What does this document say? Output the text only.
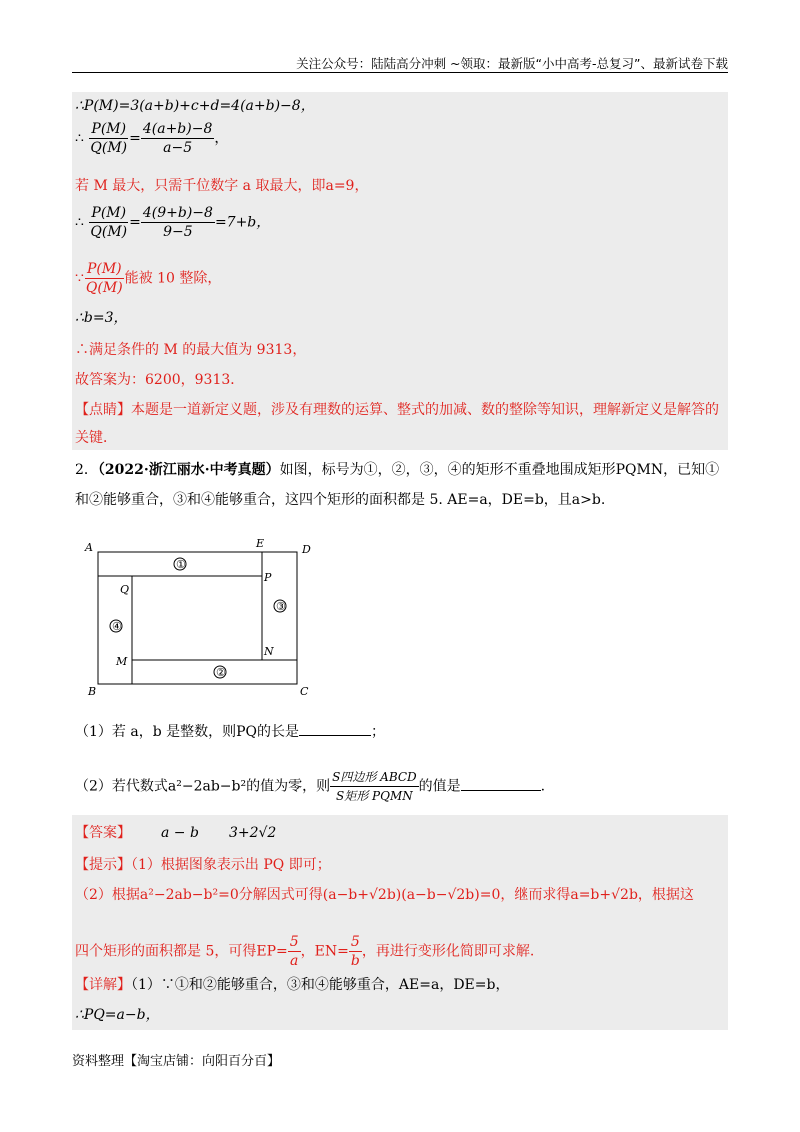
关注公众号：陆陆高分冲刺 ~领取：最新版“小中高考-总复习”、最新试卷下载
∴P(M)=3(a+b)+c+d=4(a+b)−8，
∴ $\frac{P(M)}{Q(M)} = \frac{4(a+b)-8}{a-5}$ ，
若 M 最大，只需千位数字 a 取最大，即a=9，
∴ $\frac{P(M)}{Q(M)} = \frac{4(9+b)-8}{9-5} =7+b$，
∵ $\frac{P(M)}{Q(M)}$ 能被 10 整除，
∴b=3，
∴满足条件的 M 的最大值为 9313，
故答案为：6200，9313．
【点睛】本题是一道新定义题，涉及有理数的运算、整式的加减、数的整除等知识，理解新定义是解答的
关键．
2．（2022·浙江丽水·中考真题）如图，标号为①，②，③，④的矩形不重叠地围成矩形PQMN，已知①
和②能够重合，③和④能够重合，这四个矩形的面积都是 5. AE=a，DE=b，且a>b.
A	E	D
B	C
P
Q
M
N
①
②
③
④
（1）若 a，b 是整数，则PQ的长是	；
（2）若代数式a²−2ab−b²的值为零，则 $\frac{\text{S四边形 ABCD}}{\text{S矩形 PQMN}}$ 的值是	.
【答案】 a − b 3+2√2
【提示】（1）根据图象表示出 PQ 即可；
（2）根据a²−2ab−b²=0分解因式可得(a−b+√2b)(a−b−√2b)=0，继而求得a=b+√2b，根据这
四个矩形的面积都是 5，可得$EP= \frac{5}{a}$ ，$EN= \frac{5}{b}$ ，再进行变形化简即可求解.
【详解】（1）∵①和②能够重合，③和④能够重合，AE=a，DE=b，
∴PQ=a−b，
资料整理【淘宝店铺：向阳百分百】
